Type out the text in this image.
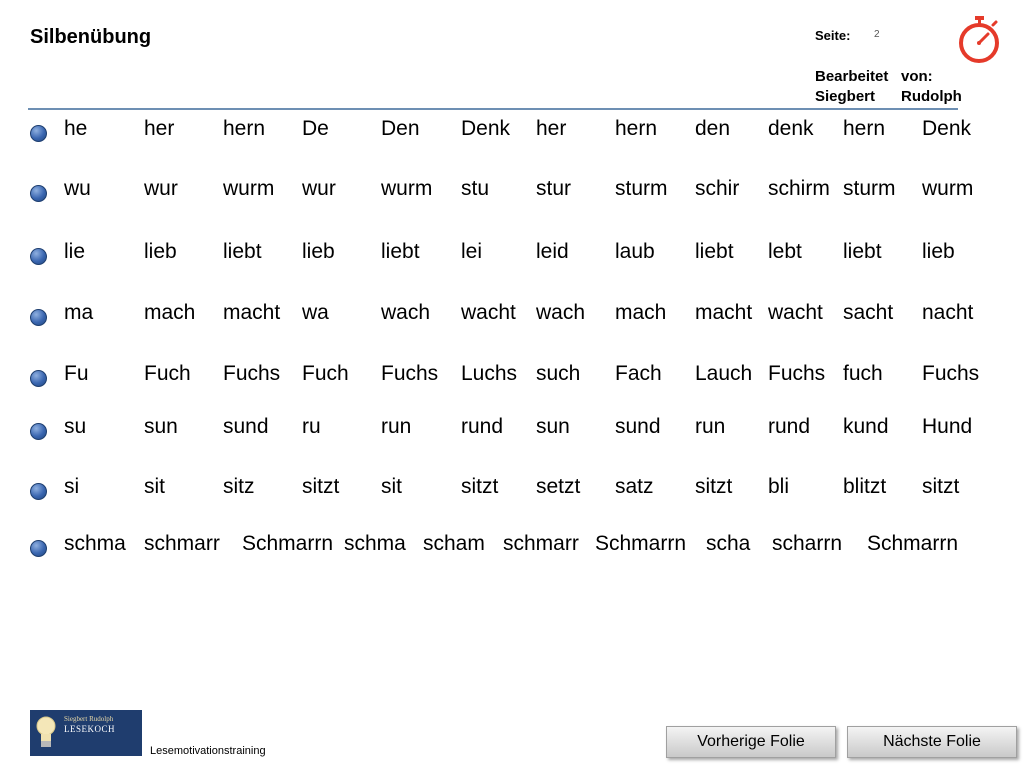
Silbenübung	Seite: 2
Bearbeitet von:
Siegbert Rudolph
he	her hern De Den Denk her hern den denk hern Denk
wu	wur wurm wur wurm stu stur sturm schir schirm sturm wurm
lie	lieb liebt lieb liebt lei	leid laub liebt lebt liebt lieb
ma mach macht wa wach wacht wach mach macht wacht sacht nacht
Fu	Fuch Fuchs Fuch Fuchs Luchs such Fach Lauch Fuchs fuch Fuchs
su	sun sund ru	run rund sun sund run rund kund Hund
si	sit	sitz sitzt sit	sitzt setzt satz sitzt bli	blitzt sitzt
schma schmarr Schmarrn schma scham schmarr Schmarrn scha scharrn Schmarrn
Siegbert Rudolph
LESEKOCH
Lesemotivationstraining
Vorherige Folie	Nächste Folie
